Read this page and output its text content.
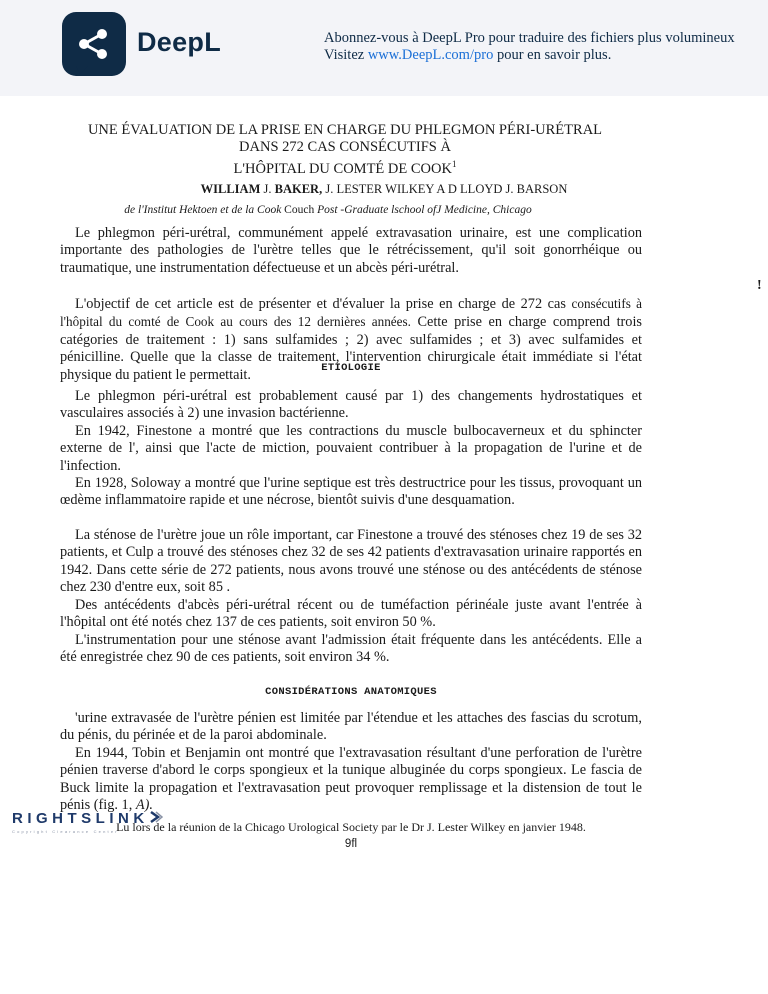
DeepL	Abonnez-vous à DeepL Pro pour traduire des fichiers plus volumineux
Visitez www.DeepL.com/pro pour en savoir plus.
UNE ÉVALUATION DE LA PRISE EN CHARGE DU PHLEGMON PÉRI-URÉTRAL
DANS 272 CAS CONSÉCUTIFS À
L'HÔPITAL DU COMTÉ DE COOK$^1$
WILLIAM J. BAKER, J. LESTER WILKEY A D LLOYD J. BARSON
de l'Institut Hektoen et de la Cook Couch Post -Graduate lschool ofJ Medicine, Chicago
Le phlegmon péri-urétral, communément appelé extravasation urinaire, est une complication importante des pathologies de l'urètre telles que le rétrécissement, qu'il soit gonorrhéique ou traumatique, une instrumentation défectueuse et un abcès péri-urétral.
L'objectif de cet article est de présenter et d'évaluer la prise en charge de 272 cas consécutifs à l'hôpital du comté de Cook au cours des 12 dernières années. Cette prise en charge comprend trois catégories de traitement : 1) sans sulfamides ; 2) avec sulfamides ; et 3) avec sulfamides et pénicilline. Quelle que la classe de traitement, l'intervention chirurgicale était immédiate si l'état physique du patient le permettait.	ETIOLOGIE
Le phlegmon péri-urétral est probablement causé par 1) des changements hydrostatiques et vasculaires associés à 2) une invasion bactérienne.
En 1942, Finestone a montré que les contractions du muscle bulbocaverneux et du sphincter externe de l', ainsi que l'acte de miction, pouvaient contribuer à la propagation de l'urine et de l'infection.
En 1928, Soloway a montré que l'urine septique est très destructrice pour les tissus, provoquant un œdème inflammatoire rapide et une nécrose, bientôt suivis d'une desquamation.
La sténose de l'urètre joue un rôle important, car Finestone a trouvé des sténoses chez 19 de ses 32 patients, et Culp a trouvé des sténoses chez 32 de ses 42 patients d'extravasation urinaire rapportés en 1942. Dans cette série de 272 patients, nous avons trouvé une sténose ou des antécédents de sténose chez 230 d'entre eux, soit 85 .
Des antécédents d'abcès péri-urétral récent ou de tuméfaction périnéale juste avant l'entrée à l'hôpital ont été notés chez 137 de ces patients, soit environ 50 %.
L'instrumentation pour une sténose avant l'admission était fréquente dans les antécédents. Elle a été enregistrée chez 90 de ces patients, soit environ 34 %.
CONSIDÉRATIONS ANATOMIQUES
'urine extravasée de l'urètre pénien est limitée par l'étendue et les attaches des fascias du scrotum, du pénis, du périnée et de la paroi abdominale.
En 1944, Tobin et Benjamin ont montré que l'extravasation résultant d'une perforation de l'urètre pénien traverse d'abord le corps spongieux et la tunique albuginée du corps spongieux. Le fascia de Buck limite la propagation et l'extravasation peut provoquer remplissage et la distension de tout le pénis (fig. 1, A).
Lu lors de la réunion de la Chicago Urological Society par le Dr J. Lester Wilkey en janvier 1948.
9fl
!
RIGHTSLINK
Copyright Clearance Center
